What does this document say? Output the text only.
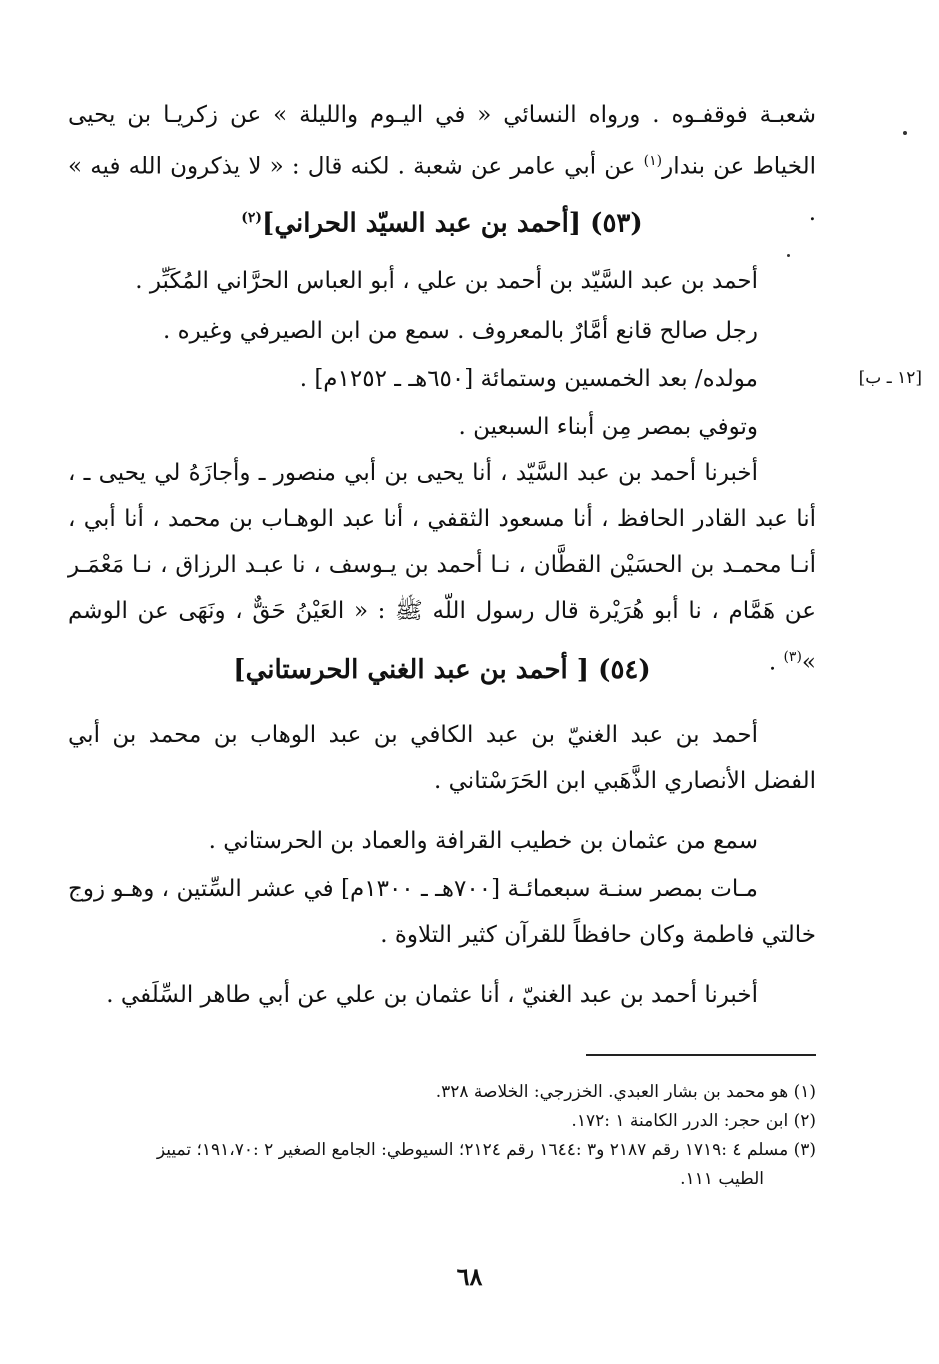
شعبـة فوقفـوه . ورواه النسائي « في اليـوم والليلة » عن زكريـا بن يحيى الخياط عن بندار$^{(١)}$ عن أبي عامر عن شعبة . لكنه قال : « لا يذكرون الله فيه » .
(٥٣) [أحمد بن عبد السيّد الحراني]$^{(٢)}$
أحمد بن عبد السَّيّد بن أحمد بن علي ، أبو العباس الحرَّاني المُكَبِّر .
رجل صالح قانع أمَّارٌ بالمعروف . سمع من ابن الصيرفي وغيره .
مولده/ بعد الخمسين وستمائة [٦٥٠هـ ـ ١٢٥٢م] .
وتوفي بمصر مِن أبناء السبعين .
أخبرنا أحمد بن عبد السَّيّد ، أنا يحيى بن أبي منصور ـ وأجازَهُ لي يحيى ـ ، أنا عبد القادر الحافظ ، أنا مسعود الثقفي ، أنا عبد الوهـاب بن محمد ، أنا أبي ، أنـا محمـد بن الحسَيْن القطَّان ، نـا أحمد بن يـوسف ، نا عبـد الرزاق ، نـا مَعْمَـر عن هَمَّام ، نا أبو هُرَيْرة قال رسول اللّه ﷺ : « العَيْنُ حَقٌّ ، ونَهَى عن الوشم »$^{(٣)}$ .
(٥٤) [ أحمد بن عبد الغني الحرستاني]
أحمد بن عبد الغنيّ بن عبد الكافي بن عبد الوهاب بن محمد بن أبي الفضل الأنصاري الذَّهَبي ابن الحَرَسْتاني .
سمع من عثمان بن خطيب القرافة والعماد بن الحرستاني .
مـات بمصر سنـة سبعمائـة [٧٠٠هـ ـ ١٣٠٠م] في عشر السِّتين ، وهـو زوج خالتي فاطمة وكان حافظاً للقرآن كثير التلاوة .
أخبرنا أحمد بن عبد الغنيّ ، أنا عثمان بن علي عن أبي طاهر السِّلَفي .
[١٢ ـ ب]
(١) هو محمد بن بشار العبدي. الخزرجي: الخلاصة ٣٢٨.
(٢) ابن حجر: الدرر الكامنة ١ :١٧٢.
(٣) مسلم ٤ :١٧١٩ رقم ٢١٨٧ و٣ :١٦٤٤ رقم ٢١٢٤؛ السيوطي: الجامع الصغير ٢ :١٩١،٧٠؛ تمييز
الطيب ١١١.
٦٨
